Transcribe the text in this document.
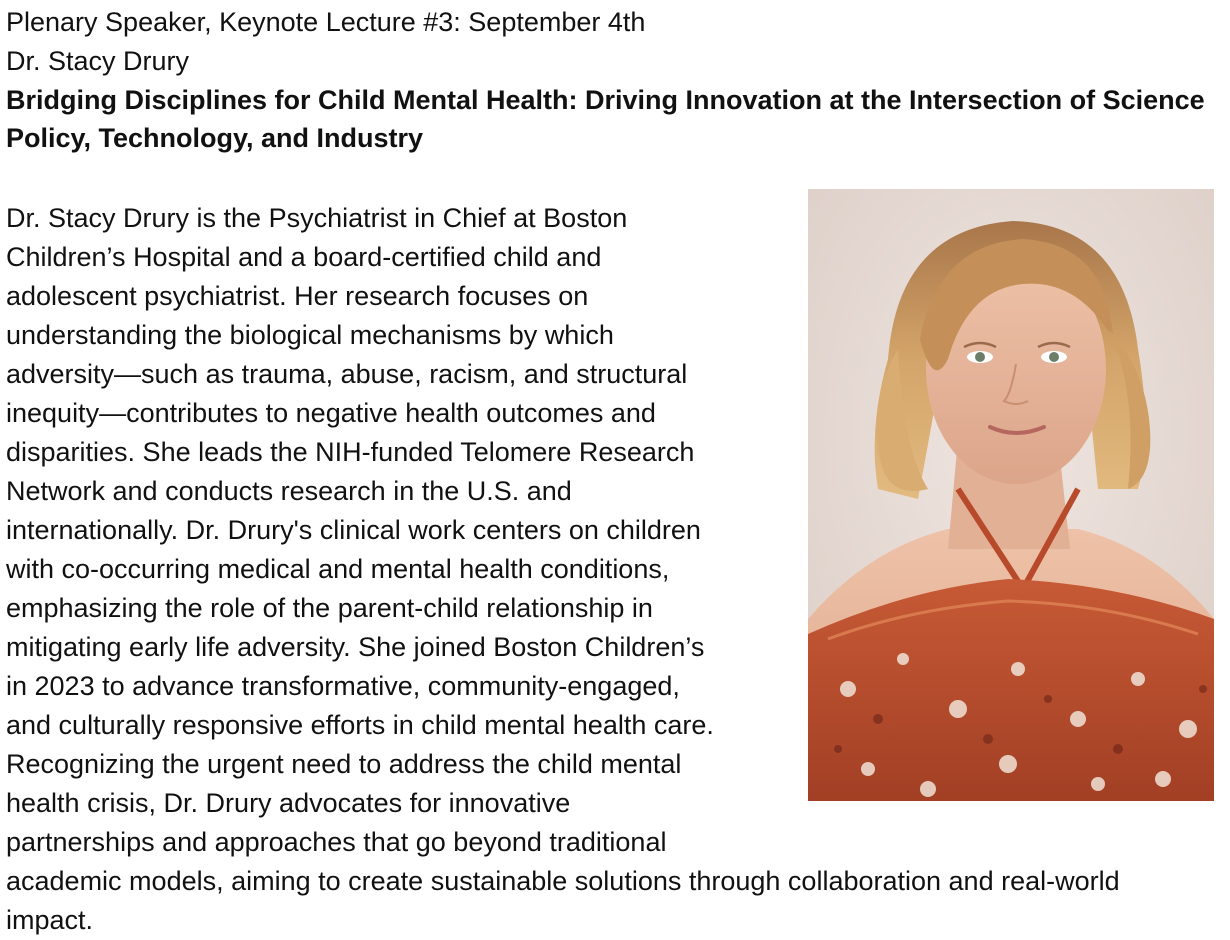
Plenary Speaker, Keynote Lecture #3: September 4th

Dr. Stacy Drury

Bridging Disciplines for Child Mental Health: Driving Innovation at the Intersection of Science Policy, Technology, and Industry

Dr. Stacy Drury is the Psychiatrist in Chief at Boston
Children’s Hospital and a board-certified child and
adolescent psychiatrist. Her research focuses on
understanding the biological mechanisms by which
adversity—such as trauma, abuse, racism, and structural
inequity—contributes to negative health outcomes and
disparities. She leads the NIH-funded Telomere Research
Network and conducts research in the U.S. and
internationally. Dr. Drury's clinical work centers on children
with co-occurring medical and mental health conditions,
emphasizing the role of the parent-child relationship in
mitigating early life adversity. She joined Boston Children’s
in 2023 to advance transformative, community-engaged,
and culturally responsive efforts in child mental health care.
Recognizing the urgent need to address the child mental
health crisis, Dr. Drury advocates for innovative
partnerships and approaches that go beyond traditional
academic models, aiming to create sustainable solutions through collaboration and real-world
impact.
